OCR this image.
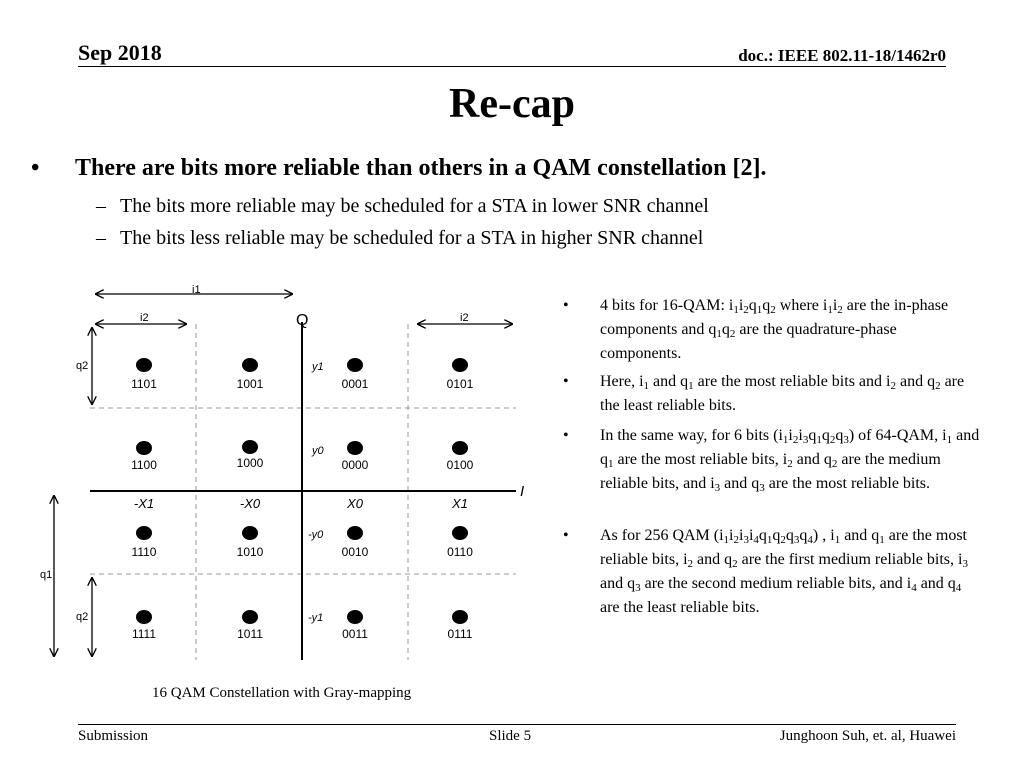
Sep 2018	doc.: IEEE 802.11-18/1462r0
Re-cap
• There are bits more reliable than others in a QAM constellation [2].
– The bits more reliable may be scheduled for a STA in lower SNR channel
– The bits less reliable may be scheduled for a STA in higher SNR channel
i1
i2	i2
q2
q1
q2
Q
I
-X1	-X0	X0	X1
y1
y0
-y0
-y1
1101	1001	0001	0101
1100	1000	0000	0100
1110	1010	0010	0110
1111	1011	0011	0111
16 QAM Constellation with Gray-mapping
• 4 bits for 16-QAM: $i_1i_2q_1q_2$ where $i_1i_2$ are the in-phase components and $q_1q_2$ are the quadrature-phase components.
• Here, $i_1$ and $q_1$ are the most reliable bits and $i_2$ and $q_2$ are the least reliable bits.
• In the same way, for 6 bits $(i_1i_2i_3q_1q_2q_3)$ of 64-QAM, $i_1$ and $q_1$ are the most reliable bits, $i_2$ and $q_2$ are the medium reliable bits, and $i_3$ and $q_3$ are the most reliable bits.
• As for 256 QAM $(i_1i_2i_3i_4q_1q_2q_3q_4)$ , $i_1$ and $q_1$ are the most reliable bits, $i_2$ and $q_2$ are the first medium reliable bits, $i_3$ and $q_3$ are the second medium reliable bits, and $i_4$ and $q_4$ are the least reliable bits.
Submission	Slide 5	Junghoon Suh, et. al, Huawei
